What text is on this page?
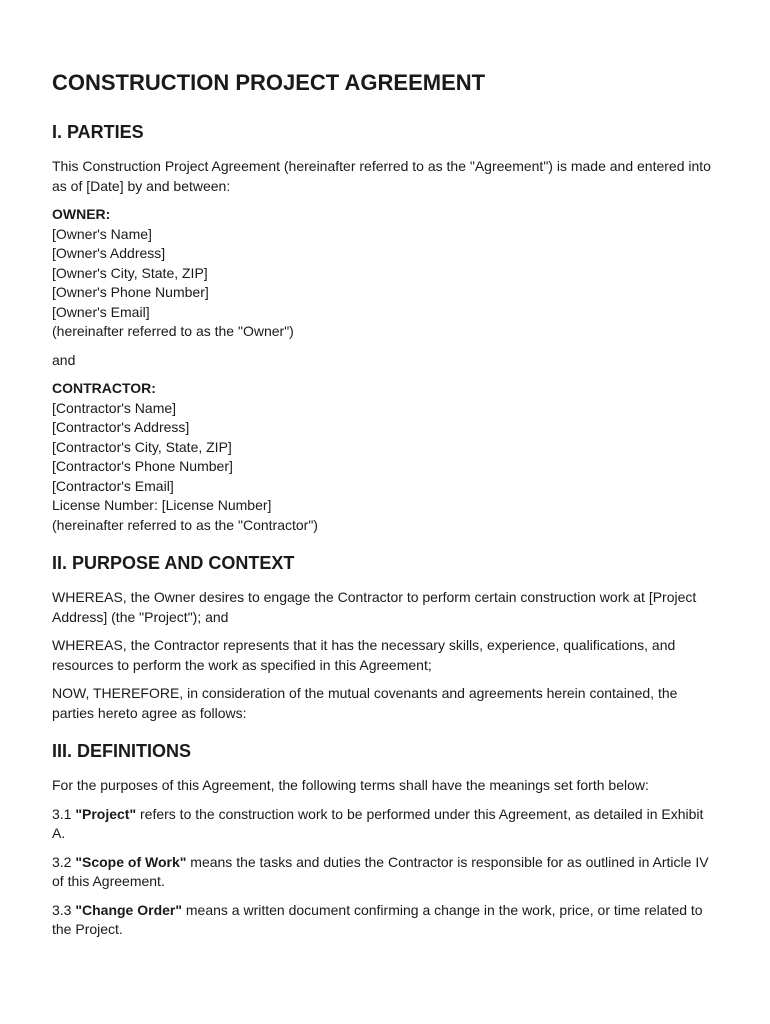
CONSTRUCTION PROJECT AGREEMENT
I. PARTIES

This Construction Project Agreement (hereinafter referred to as the "Agreement") is made and entered into as of [Date] by and between:

OWNER:
[Owner's Name]
[Owner's Address]
[Owner's City, State, ZIP]
[Owner's Phone Number]
[Owner's Email]
(hereinafter referred to as the "Owner")

and

CONTRACTOR:
[Contractor's Name]
[Contractor's Address]
[Contractor's City, State, ZIP]
[Contractor's Phone Number]
[Contractor's Email]
License Number: [License Number]
(hereinafter referred to as the "Contractor")
II. PURPOSE AND CONTEXT

WHEREAS, the Owner desires to engage the Contractor to perform certain construction work at [Project Address] (the "Project"); and

WHEREAS, the Contractor represents that it has the necessary skills, experience, qualifications, and resources to perform the work as specified in this Agreement;

NOW, THEREFORE, in consideration of the mutual covenants and agreements herein contained, the parties hereto agree as follows:

III. DEFINITIONS

For the purposes of this Agreement, the following terms shall have the meanings set forth below:

3.1 "Project" refers to the construction work to be performed under this Agreement, as detailed in Exhibit A.

3.2 "Scope of Work" means the tasks and duties the Contractor is responsible for as outlined in Article IV of this Agreement.

3.3 "Change Order" means a written document confirming a change in the work, price, or time related to the Project.
